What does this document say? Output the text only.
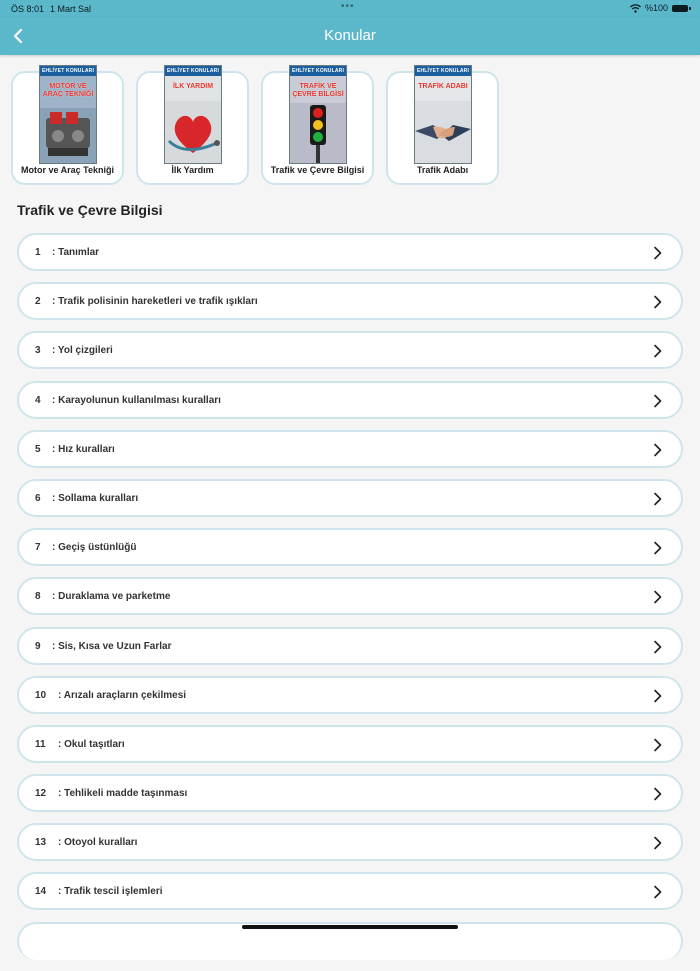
ÖS 8:01 1 Mart Sal	•••	%100
Konular
EHLİYET KONULARI
MOTOR VE ARAÇ TEKNİĞİ
Motor ve Araç Tekniği
EHLİYET KONULARI
İLK YARDIM
İlk Yardım
EHLİYET KONULARI
TRAFİK VE ÇEVRE BİLGİSİ
Trafik ve Çevre Bilgisi
EHLİYET KONULARI
TRAFİK ADABI
Trafik Adabı
Trafik ve Çevre Bilgisi
1 : Tanımlar
2 : Trafik polisinin hareketleri ve trafik ışıkları
3 : Yol çizgileri
4 : Karayolunun kullanılması kuralları
5 : Hız kuralları
6 : Sollama kuralları
7 : Geçiş üstünlüğü
8 : Duraklama ve parketme
9 : Sis, Kısa ve Uzun Farlar
10 : Arızalı araçların çekilmesi
11 : Okul taşıtları
12 : Tehlikeli madde taşınması
13 : Otoyol kuralları
14 : Trafik tescil işlemleri
